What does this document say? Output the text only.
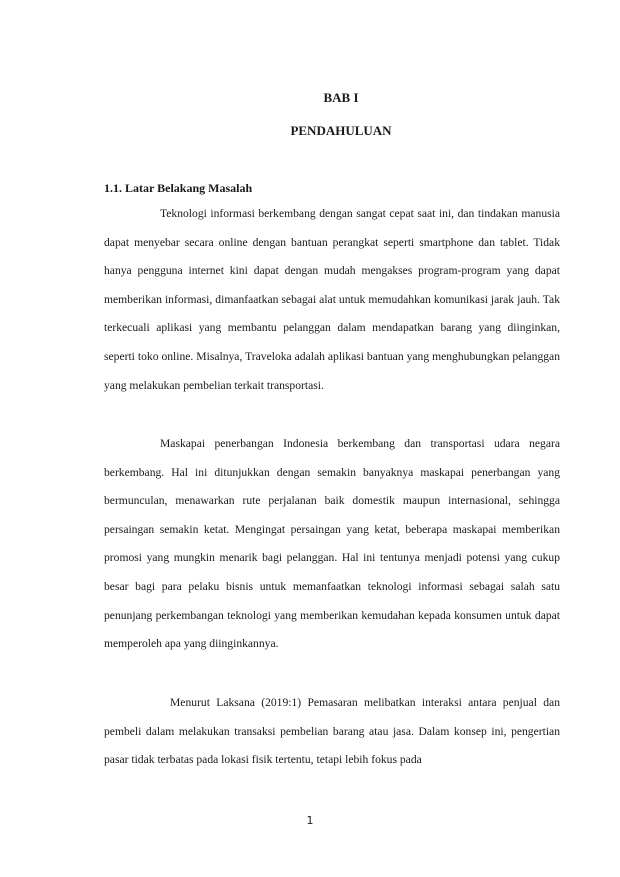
BAB I
PENDAHULUAN
1.1. Latar Belakang Masalah

Teknologi informasi berkembang dengan sangat cepat saat ini, dan tindakan manusia dapat menyebar secara online dengan bantuan perangkat seperti smartphone dan tablet. Tidak hanya pengguna internet kini dapat dengan mudah mengakses program-program yang dapat memberikan informasi, dimanfaatkan sebagai alat untuk memudahkan komunikasi jarak jauh. Tak terkecuali aplikasi yang membantu pelanggan dalam mendapatkan barang yang diinginkan, seperti toko online. Misalnya, Traveloka adalah aplikasi bantuan yang menghubungkan pelanggan yang melakukan pembelian terkait transportasi.

Maskapai penerbangan Indonesia berkembang dan transportasi udara negara berkembang. Hal ini ditunjukkan dengan semakin banyaknya maskapai penerbangan yang bermunculan, menawarkan rute perjalanan baik domestik maupun internasional, sehingga persaingan semakin ketat. Mengingat persaingan yang ketat, beberapa maskapai memberikan promosi yang mungkin menarik bagi pelanggan. Hal ini tentunya menjadi potensi yang cukup besar bagi para pelaku bisnis untuk memanfaatkan teknologi informasi sebagai salah satu penunjang perkembangan teknologi yang memberikan kemudahan kepada konsumen untuk dapat memperoleh apa yang diinginkannya.

Menurut Laksana (2019:1) Pemasaran melibatkan interaksi antara penjual dan pembeli dalam melakukan transaksi pembelian barang atau jasa. Dalam konsep ini, pengertian pasar tidak terbatas pada lokasi fisik tertentu, tetapi lebih fokus pada

1
